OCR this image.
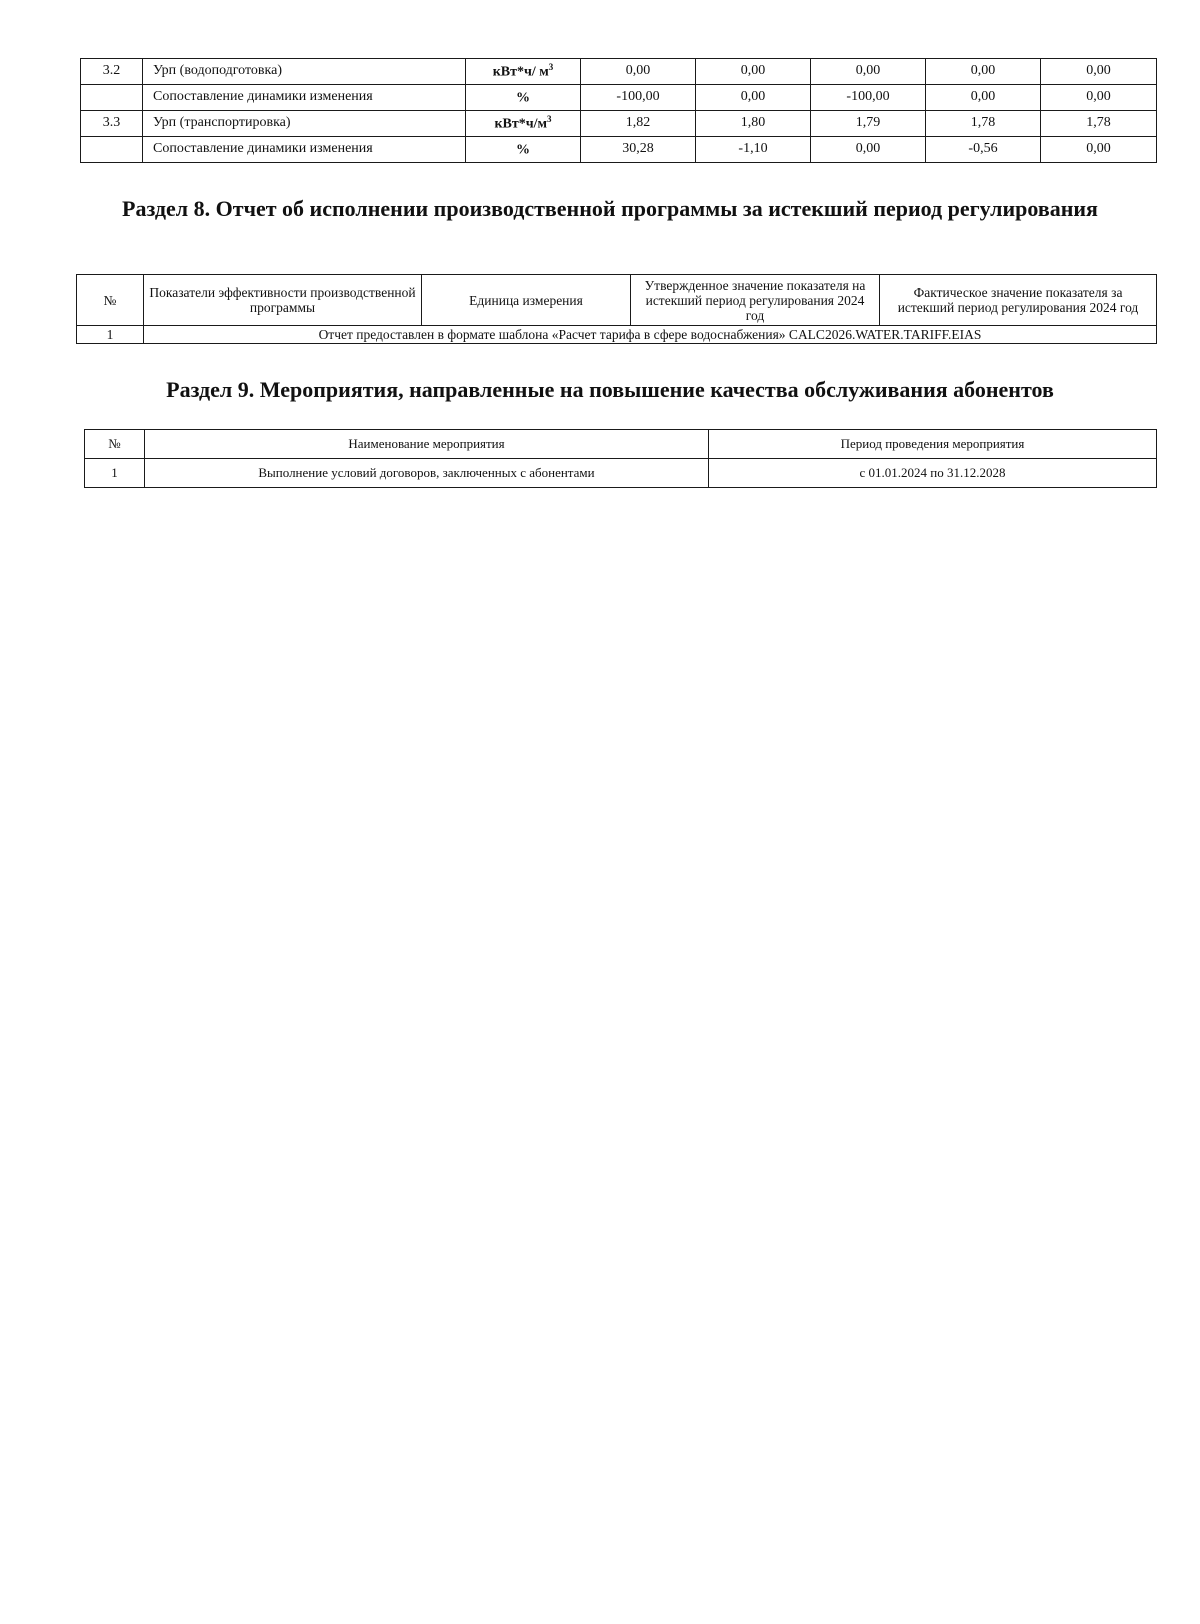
3.2	Урп (водоподготовка)	кВт*ч/ $м^3$	0,00	0,00	0,00	0,00	0,00
	Сопоставление динамики изменения	%	-100,00	0,00	-100,00	0,00	0,00
3.3	Урп (транспортировка)	$кВт*ч/м^3$	1,82	1,80	1,79	1,78	1,78
	Сопоставление динамики изменения	%	30,28	-1,10	0,00	-0,56	0,00
Раздел 8. Отчет об исполнении производственной программы за истекший период регулирования
№	Показатели эффективности производственной программы	Единица измерения	Утвержденное значение показателя на истекший период регулирования 2024 год	Фактическое значение показателя за истекший период регулирования 2024 год
1	Отчет предоставлен в формате шаблона «Расчет тарифа в сфере водоснабжения» CALC2026.WATER.TARIFF.EIAS			
Раздел 9. Мероприятия, направленные на повышение качества обслуживания абонентов
№	Наименование мероприятия	Период проведения мероприятия
1	Выполнение условий договоров, заключенных с абонентами	с 01.01.2024 по 31.12.2028
